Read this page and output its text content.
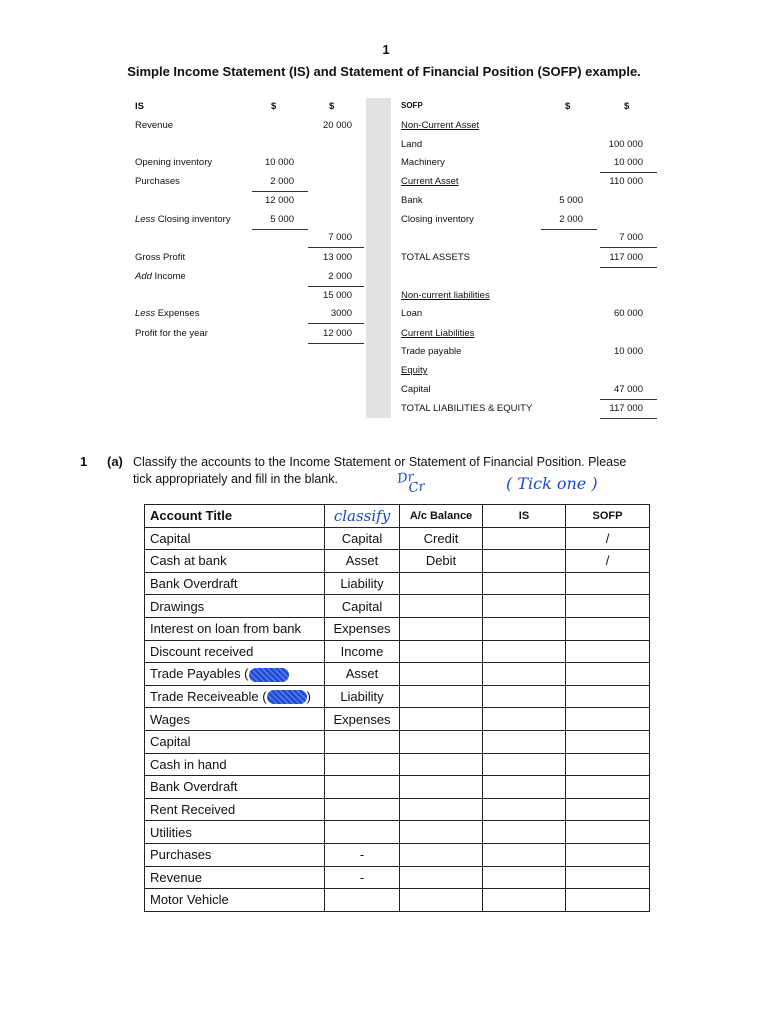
1
Simple Income Statement (IS) and Statement of Financial Position (SOFP) example.
IS	$	$
Revenue	20 000
Opening inventory	10 000
Purchases	2 000
12 000
Less Closing inventory	5 000
7 000
Gross Profit	13 000
Add Income	2 000
15 000
Less Expenses	3000
Profit for the year	12 000
SOFP	$	$
Non-Current Asset
Land	100 000
Machinery	10 000
Current Asset	110 000
Bank	5 000
Closing inventory	2 000
7 000
TOTAL ASSETS	117 000
Non-current liabilities
Loan	60 000
Current Liabilities
Trade payable	10 000
Equity
Capital	47 000
TOTAL LIABILITIES & EQUITY	117 000
1 (a) Classify the accounts to the Income Statement or Statement of Financial Position. Please
tick appropriately and fill in the blank.	Dr
Cr	( Tick one )
Account Title	classify	A/c Balance	IS	SOFP
Capital	Capital	Credit		/
Cash at bank	Asset	Debit		/
Bank Overdraft	Liability			
Drawings	Capital			
Interest on loan from bank	Expenses			
Discount received	Income			
Trade Payables (	Asset			
Trade Receiveable ( )	Liability			
Wages	Expenses			
Capital				
Cash in hand				
Bank Overdraft				
Rent Received				
Utilities				
Purchases	-			
Revenue	-			
Motor Vehicle				
